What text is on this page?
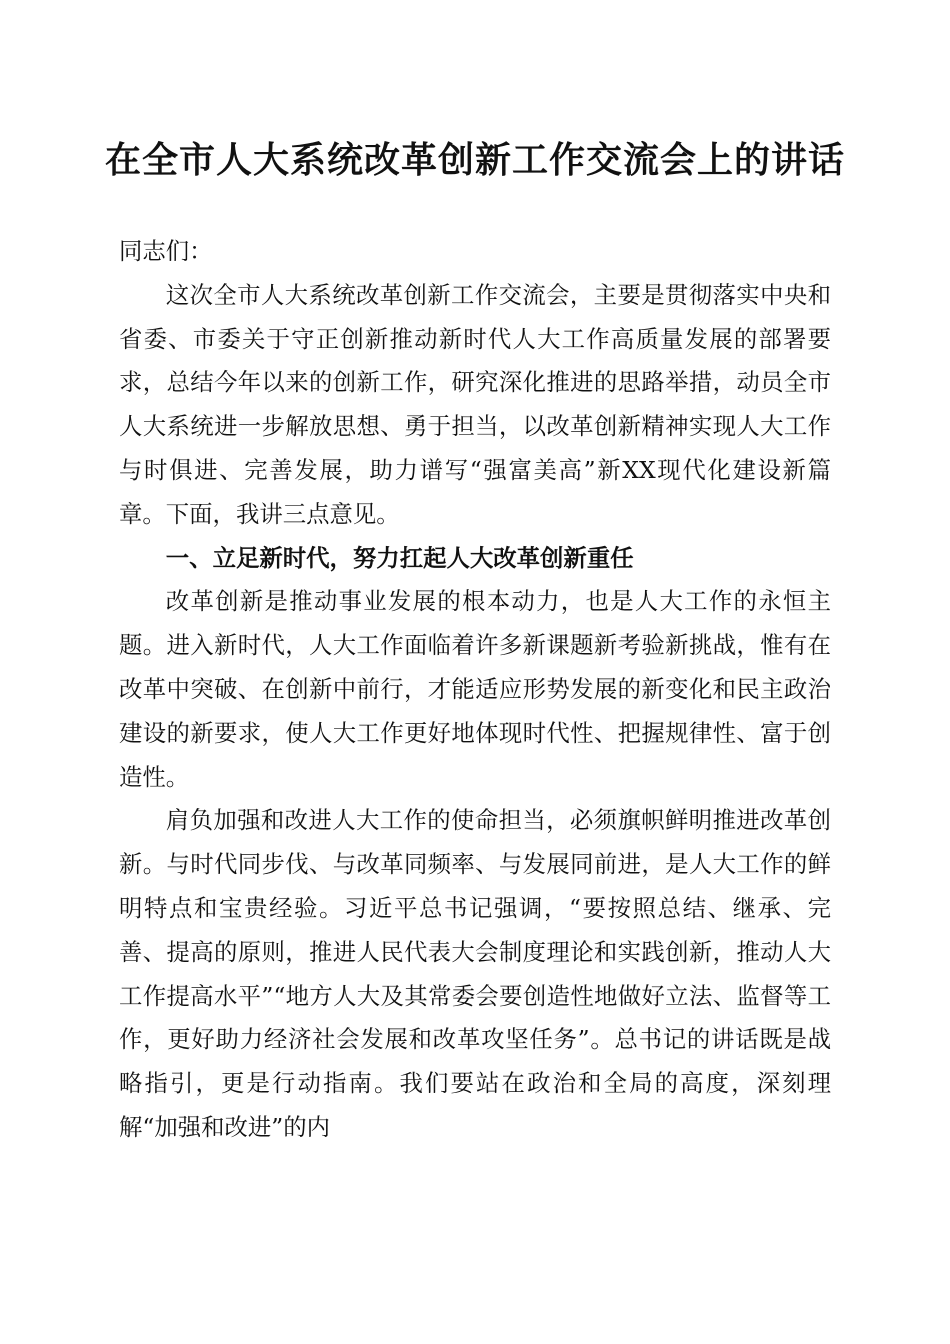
在全市人大系统改革创新工作交流会上的讲话

同志们：

这次全市人大系统改革创新工作交流会，主要是贯彻落实中央和省委、市委关于守正创新推动新时代人大工作高质量发展的部署要求，总结今年以来的创新工作，研究深化推进的思路举措，动员全市人大系统进一步解放思想、勇于担当，以改革创新精神实现人大工作与时俱进、完善发展，助力谱写“强富美高”新XX现代化建设新篇章。下面，我讲三点意见。

一、立足新时代，努力扛起人大改革创新重任

改革创新是推动事业发展的根本动力，也是人大工作的永恒主题。进入新时代，人大工作面临着许多新课题新考验新挑战，惟有在改革中突破、在创新中前行，才能适应形势发展的新变化和民主政治建设的新要求，使人大工作更好地体现时代性、把握规律性、富于创造性。

肩负加强和改进人大工作的使命担当，必须旗帜鲜明推进改革创新。与时代同步伐、与改革同频率、与发展同前进，是人大工作的鲜明特点和宝贵经验。习近平总书记强调，“要按照总结、继承、完善、提高的原则，推进人民代表大会制度理论和实践创新，推动人大工作提高水平”“地方人大及其常委会要创造性地做好立法、监督等工作，更好助力经济社会发展和改革攻坚任务”。总书记的讲话既是战略指引，更是行动指南。我们要站在政治和全局的高度，深刻理解“加强和改进”的内
